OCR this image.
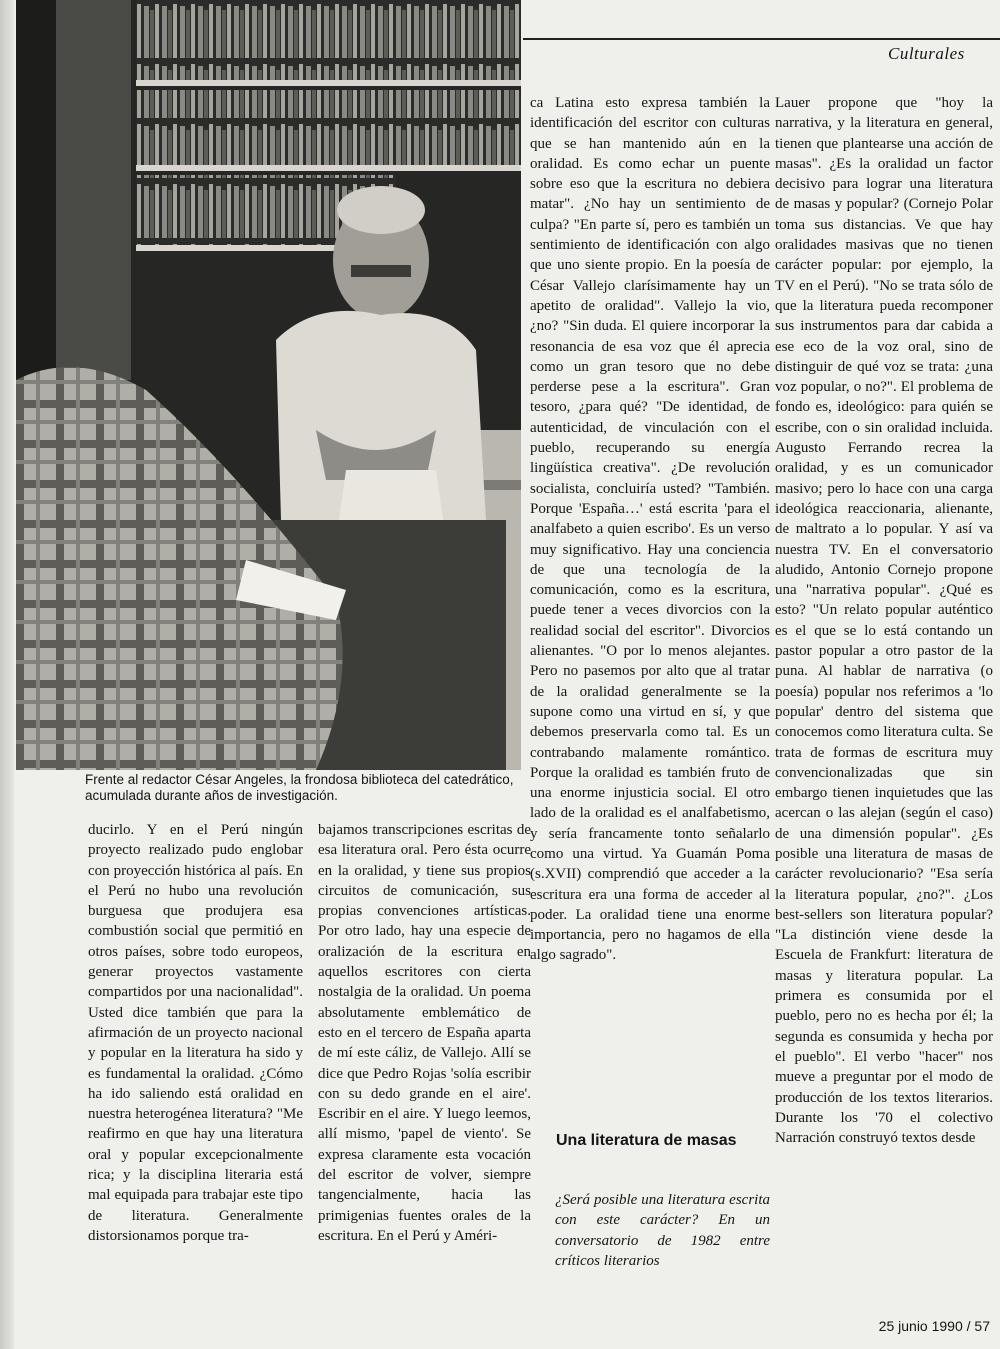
Culturales
Frente al redactor César Angeles, la frondosa biblioteca del catedrático, acumulada durante años de investigación.
ducirlo. Y en el Perú ningún proyecto realizado pudo englobar con proyección histórica al país. En el Perú no hubo una revolución burguesa que produjera esa combustión social que permitió en otros países, sobre todo europeos, generar proyectos vastamente compartidos por una nacionalidad". Usted dice también que para la afirmación de un proyecto nacional y popular en la literatura ha sido y es fundamental la oralidad. ¿Cómo ha ido saliendo está oralidad en nuestra heterogénea literatura? "Me reafirmo en que hay una literatura oral y popular excepcionalmente rica; y la disciplina literaria está mal equipada para trabajar este tipo de literatura. Generalmente distorsionamos porque tra-
bajamos transcripciones escritas de esa literatura oral. Pero ésta ocurre en la oralidad, y tiene sus propios circuitos de comunicación, sus propias convenciones artísticas. Por otro lado, hay una especie de oralización de la escritura en aquellos escritores con cierta nostalgia de la oralidad. Un poema absolutamente emblemático de esto en el tercero de España aparta de mí este cáliz, de Vallejo. Allí se dice que Pedro Rojas 'solía escribir con su dedo grande en el aire'. Escribir en el aire. Y luego leemos, allí mismo, 'papel de viento'. Se expresa claramente esta vocación del escritor de volver, siempre tangencialmente, hacia las primigenias fuentes orales de la escritura. En el Perú y Améri-
ca Latina esto expresa también la identificación del escritor con culturas que se han mantenido aún en la oralidad. Es como echar un puente sobre eso que la escritura no debiera matar". ¿No hay un sentimiento de culpa? "En parte sí, pero es también un sentimiento de identificación con algo que uno siente propio. En la poesía de César Vallejo clarísimamente hay un apetito de oralidad". Vallejo la vio, ¿no? "Sin duda. El quiere incorporar la resonancia de esa voz que él aprecia como un gran tesoro que no debe perderse pese a la escritura". Gran tesoro, ¿para qué? "De identidad, de autenticidad, de vinculación con el pueblo, recuperando su energía lingüística creativa". ¿De revolución socialista, concluiría usted? "También. Porque 'España…' está escrita 'para el analfabeto a quien escribo'. Es un verso muy significativo. Hay una conciencia de que una tecnología de la comunicación, como es la escritura, puede tener a veces divorcios con la realidad social del escritor". Divorcios alienantes. "O por lo menos alejantes. Pero no pasemos por alto que al tratar de la oralidad generalmente se la supone como una virtud en sí, y que debemos preservarla como tal. Es un contrabando malamente romántico. Porque la oralidad es también fruto de una enorme injusticia social. El otro lado de la oralidad es el analfabetismo, y sería francamente tonto señalarlo como una virtud. Ya Guamán Poma (s.XVII) comprendió que acceder a la escritura era una forma de acceder al poder. La oralidad tiene una enorme importancia, pero no hagamos de ella algo sagrado".
Una literatura de masas
¿Será posible una literatura escrita con este carácter? En un conversatorio de 1982 entre críticos literarios
Lauer propone que "hoy la narrativa, y la literatura en general, tienen que plantearse una acción de masas". ¿Es la oralidad un factor decisivo para lograr una literatura de masas y popular? (Cornejo Polar toma sus distancias. Ve que hay oralidades masivas que no tienen carácter popular: por ejemplo, la TV en el Perú). "No se trata sólo de que la literatura pueda recomponer sus instrumentos para dar cabida a ese eco de la voz oral, sino de distinguir de qué voz se trata: ¿una voz popular, o no?". El problema de fondo es, ideológico: para quién se escribe, con o sin oralidad incluida. Augusto Ferrando recrea la oralidad, y es un comunicador masivo; pero lo hace con una carga ideológica reaccionaria, alienante, de maltrato a lo popular. Y así va nuestra TV. En el conversatorio aludido, Antonio Cornejo propone una "narrativa popular". ¿Qué es esto? "Un relato popular auténtico es el que se lo está contando un pastor popular a otro pastor de la puna. Al hablar de narrativa (o poesía) popular nos referimos a 'lo popular' dentro del sistema que conocemos como literatura culta. Se trata de formas de escritura muy convencionalizadas que sin embargo tienen inquietudes que las acercan o las alejan (según el caso) de una dimensión popular". ¿Es posible una literatura de masas de carácter revolucionario? "Esa sería la literatura popular, ¿no?". ¿Los best-sellers son literatura popular? "La distinción viene desde la Escuela de Frankfurt: literatura de masas y literatura popular. La primera es consumida por el pueblo, pero no es hecha por él; la segunda es consumida y hecha por el pueblo". El verbo "hacer" nos mueve a preguntar por el modo de producción de los textos literarios. Durante los '70 el colectivo Narración construyó textos desde
25 junio 1990 / 57
